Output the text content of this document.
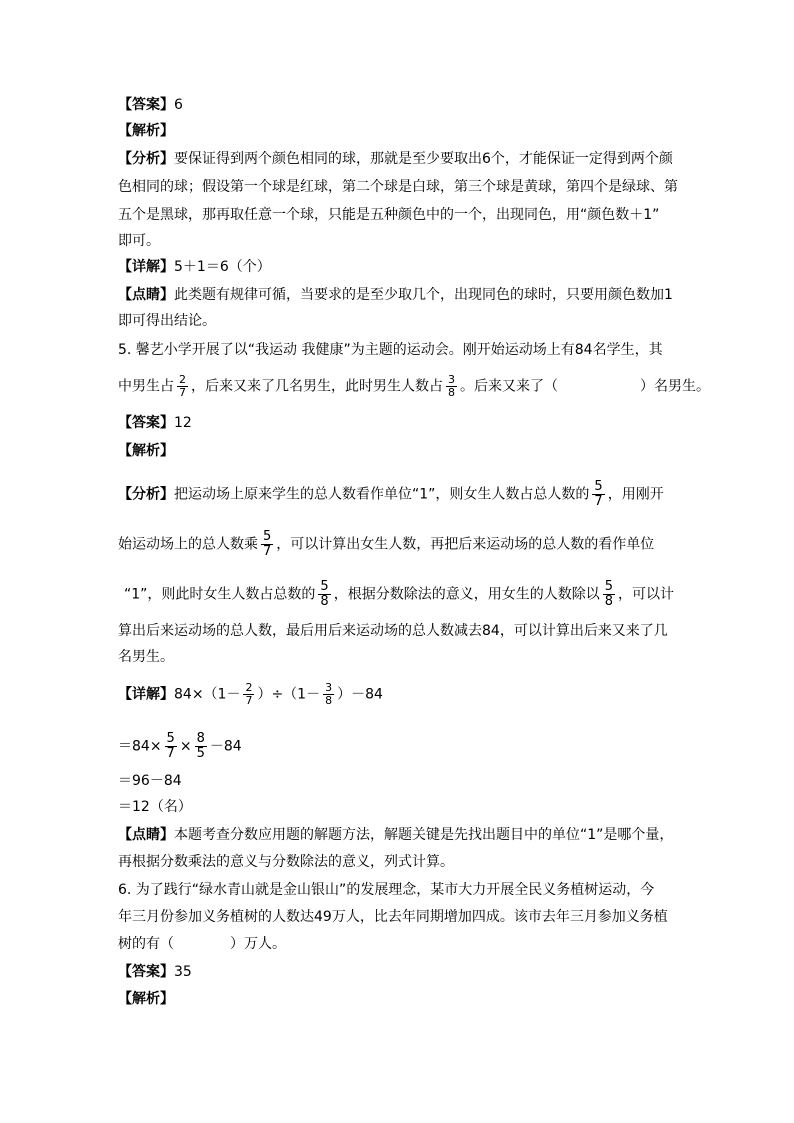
【答案】6
【解析】
【分析】要保证得到两个颜色相同的球，那就是至少要取出6个，才能保证一定得到两个颜
色相同的球；假设第一个球是红球，第二个球是白球，第三个球是黄球，第四个是绿球、第
五个是黑球，那再取任意一个球，只能是五种颜色中的一个，出现同色，用“颜色数＋1”
即可。
【详解】5＋1＝6（个）
【点睛】此类题有规律可循，当要求的是至少取几个，出现同色的球时，只要用颜色数加1
即可得出结论。
5. 馨艺小学开展了以“我运动 我健康”为主题的运动会。刚开始运动场上有84名学生，其
中男生占 $\frac{2}{7}$ ，后来又来了几名男生，此时男生人数占 $\frac{3}{8}$ 。后来又来了（	）名男生。
【答案】12
【解析】
【分析】把运动场上原来学生的总人数看作单位“1”，则女生人数占总人数的 $\frac{5}{7}$ ，用刚开
始运动场上的总人数乘 $\frac{5}{7}$ ，可以计算出女生人数，再把后来运动场的总人数的看作单位
“1”，则此时女生人数占总数的 $\frac{5}{8}$ ，根据分数除法的意义，用女生的人数除以 $\frac{5}{8}$ ，可以计
算出后来运动场的总人数，最后用后来运动场的总人数减去84，可以计算出后来又来了几
名男生。
【详解】$84\times(1- \frac{2}{7} )\div(1- \frac{3}{8} )-84$
$=84\times \frac{5}{7} \times \frac{8}{5} -84$
＝96－84
＝12（名）
【点睛】本题考查分数应用题的解题方法，解题关键是先找出题目中的单位“1”是哪个量，
再根据分数乘法的意义与分数除法的意义，列式计算。
6. 为了践行“绿水青山就是金山银山”的发展理念，某市大力开展全民义务植树运动，今
年三月份参加义务植树的人数达49万人，比去年同期增加四成。该市去年三月参加义务植
树的有（	）万人。
【答案】35
【解析】
